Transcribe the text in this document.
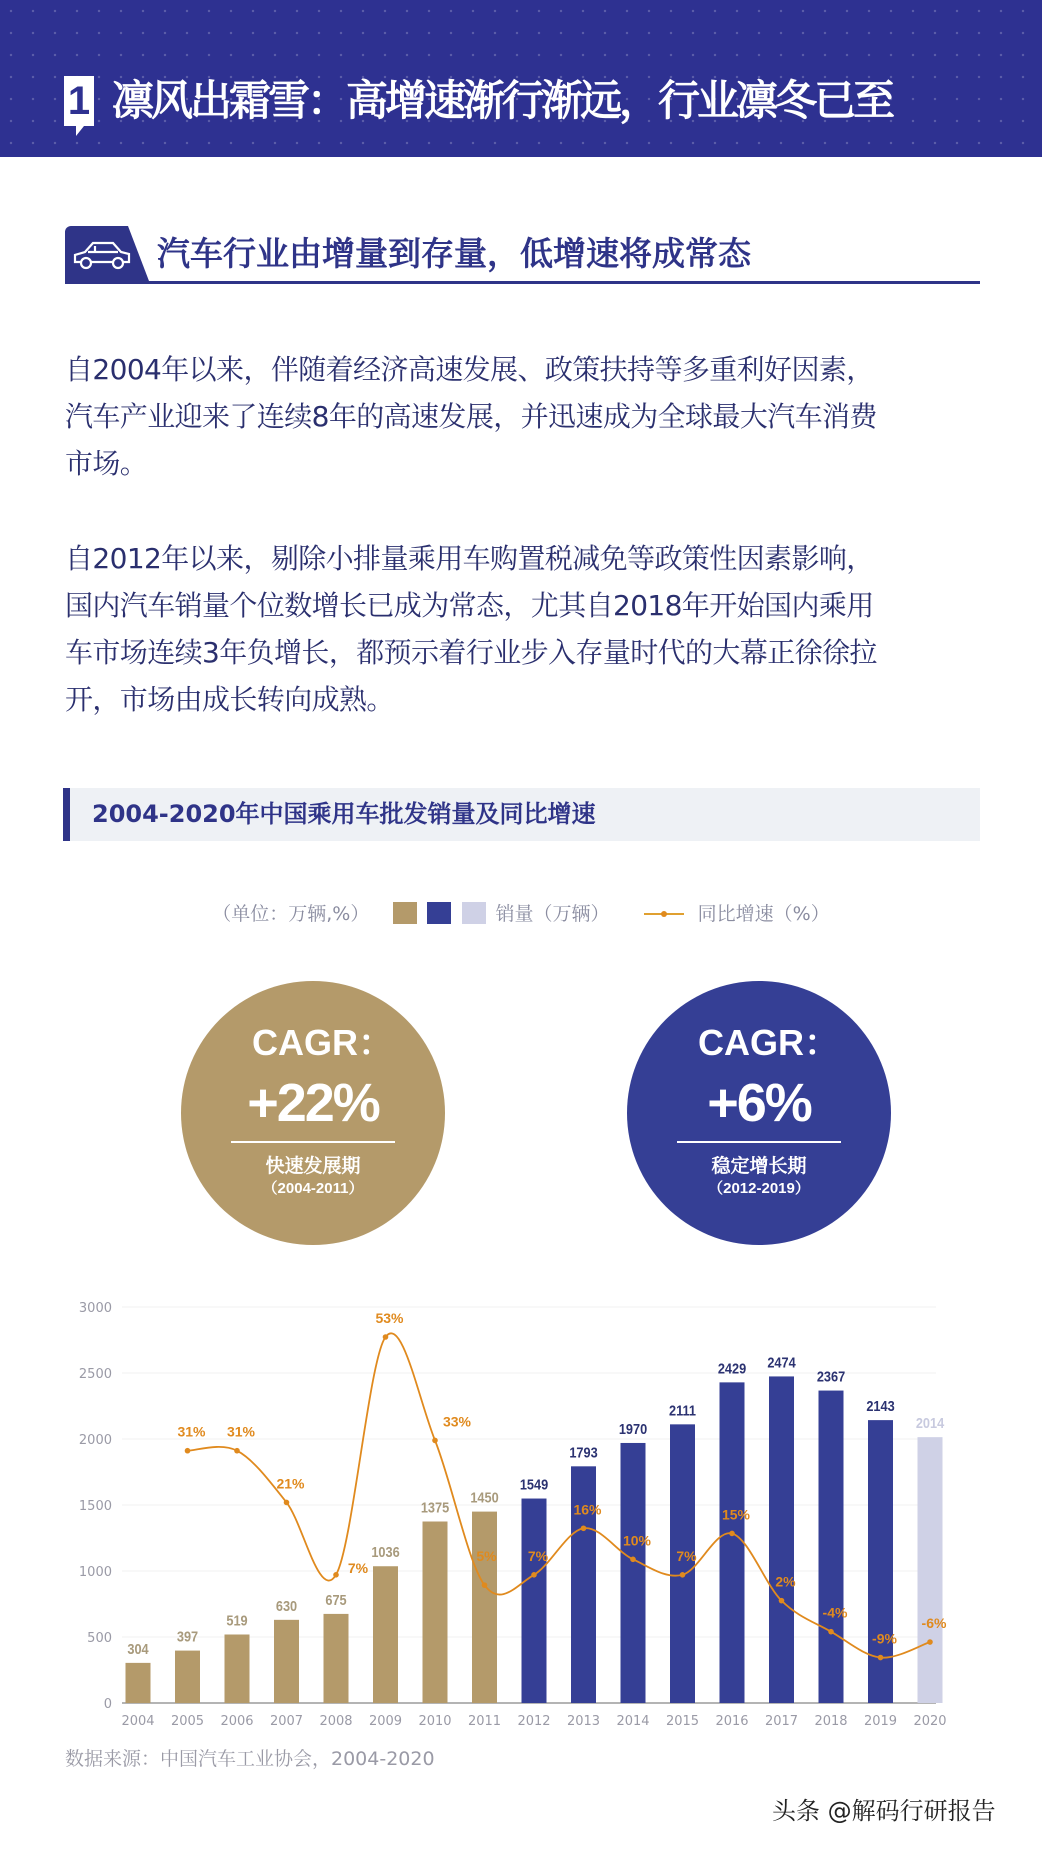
1 凛风出霜雪：高增速渐行渐远，行业凛冬已至
汽车行业由增量到存量，低增速将成常态
自2004年以来，伴随着经济高速发展、政策扶持等多重利好因素，
汽车产业迎来了连续8年的高速发展，并迅速成为全球最大汽车消费
市场。
自2012年以来，剔除小排量乘用车购置税减免等政策性因素影响，
国内汽车销量个位数增长已成为常态，尤其自2018年开始国内乘用
车市场连续3年负增长，都预示着行业步入存量时代的大幕正徐徐拉
开，市场由成长转向成熟。
2004-2020年中国乘用车批发销量及同比增速
（单位：万辆,%）	销量（万辆）	同比增速（%）
CAGR：
+22%
快速发展期
（2004-2011）
CAGR：
+6%
稳定增长期
（2012-2019）
0
500
1000
1500
2000
2500
3000
304
2004
397
2005
519
2006
630
2007
675
2008
1036
2009
1375
2010
1450
2011
1549
2012
1793
2013
1970
2014
2111
2015
2429
2016
2474
2017
2367
2018
2143
2019
2014
2020
31% 31%
21%
7%
53%
33%
5% 7%
16%
10%
7%
15%
2%
-4%
-9%
-6%
数据来源：中国汽车工业协会，2004-2020
头条 @解码行研报告
